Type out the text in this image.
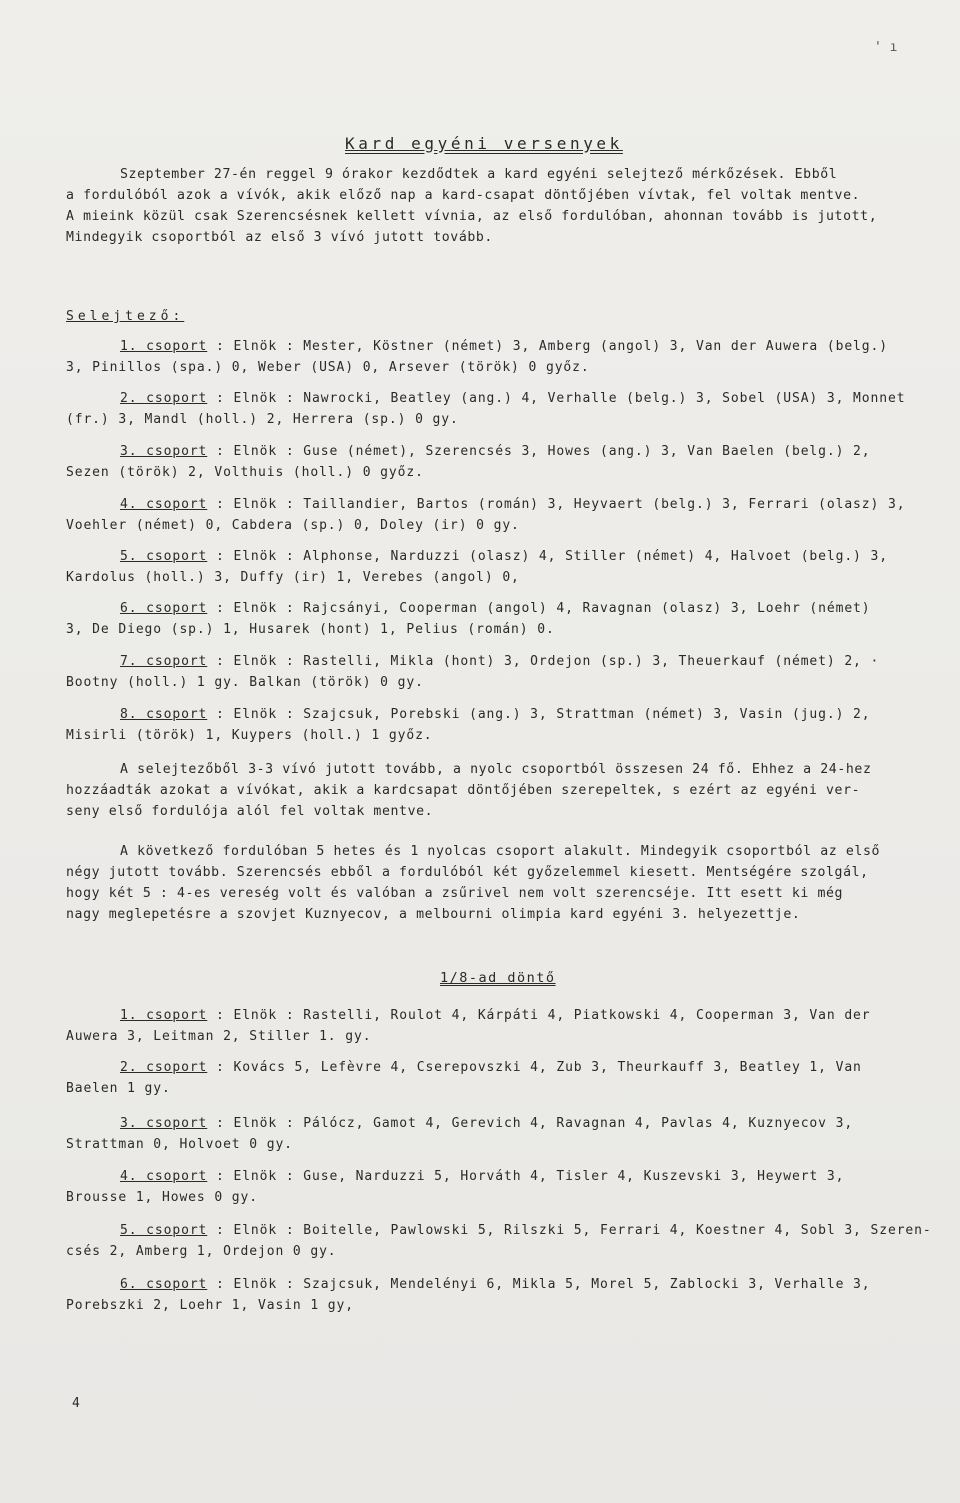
' ı
Kard egyéni versenyek
Szeptember 27-én reggel 9 órakor kezdődtek a kard egyéni selejtező mérkőzések. Ebből
a fordulóból azok a vívók, akik előző nap a kard-csapat döntőjében vívtak, fel voltak mentve.
A mieink közül csak Szerencsésnek kellett vívnia, az első fordulóban, ahonnan tovább is jutott,
Mindegyik csoportból az első 3 vívó jutott tovább.
Selejtező:
1. csoport : Elnök : Mester, Köstner (német) 3, Amberg (angol) 3, Van der Auwera (belg.)
3, Pinillos (spa.) 0, Weber (USA) 0, Arsever (török) 0 győz.
2. csoport : Elnök : Nawrocki, Beatley (ang.) 4, Verhalle (belg.) 3, Sobel (USA) 3, Monnet
(fr.) 3, Mandl (holl.) 2, Herrera (sp.) 0 gy.
3. csoport : Elnök : Guse (német), Szerencsés 3, Howes (ang.) 3, Van Baelen (belg.) 2,
Sezen (török) 2, Volthuis (holl.) 0 győz.
4. csoport : Elnök : Taillandier, Bartos (román) 3, Heyvaert (belg.) 3, Ferrari (olasz) 3,
Voehler (német) 0, Cabdera (sp.) 0, Doley (ir) 0 gy.
5. csoport : Elnök : Alphonse, Narduzzi (olasz) 4, Stiller (német) 4, Halvoet (belg.) 3,
Kardolus (holl.) 3, Duffy (ir) 1, Verebes (angol) 0,
6. csoport : Elnök : Rajcsányi, Cooperman (angol) 4, Ravagnan (olasz) 3, Loehr (német)
3, De Diego (sp.) 1, Husarek (hont) 1, Pelius (román) 0.
7. csoport : Elnök : Rastelli, Mikla (hont) 3, Ordejon (sp.) 3, Theuerkauf (német) 2, ·
Bootny (holl.) 1 gy. Balkan (török) 0 gy.
8. csoport : Elnök : Szajcsuk, Porebski (ang.) 3, Strattman (német) 3, Vasin (jug.) 2,
Misirli (török) 1, Kuypers (holl.) 1 győz.
A selejtezőből 3-3 vívó jutott tovább, a nyolc csoportból összesen 24 fő. Ehhez a 24-hez
hozzáadták azokat a vívókat, akik a kardcsapat döntőjében szerepeltek, s ezért az egyéni ver-
seny első fordulója alól fel voltak mentve.
A következő fordulóban 5 hetes és 1 nyolcas csoport alakult. Mindegyik csoportból az első
négy jutott tovább. Szerencsés ebből a fordulóból két győzelemmel kiesett. Mentségére szolgál,
hogy két 5 : 4-es vereség volt és valóban a zsűrivel nem volt szerencséje. Itt esett ki még
nagy meglepetésre a szovjet Kuznyecov, a melbourni olimpia kard egyéni 3. helyezettje.
1/8-ad döntő
1. csoport : Elnök : Rastelli, Roulot 4, Kárpáti 4, Piatkowski 4, Cooperman 3, Van der
Auwera 3, Leitman 2, Stiller 1. gy.
2. csoport : Kovács 5, Lefèvre 4, Cserepovszki 4, Zub 3, Theurkauff 3, Beatley 1, Van
Baelen 1 gy.
3. csoport : Elnök : Pálócz, Gamot 4, Gerevich 4, Ravagnan 4, Pavlas 4, Kuznyecov 3,
Strattman 0, Holvoet 0 gy.
4. csoport : Elnök : Guse, Narduzzi 5, Horváth 4, Tisler 4, Kuszevski 3, Heywert 3,
Brousse 1, Howes 0 gy.
5. csoport : Elnök : Boitelle, Pawlowski 5, Rilszki 5, Ferrari 4, Koestner 4, Sobl 3, Szeren-
csés 2, Amberg 1, Ordejon 0 gy.
6. csoport : Elnök : Szajcsuk, Mendelényi 6, Mikla 5, Morel 5, Zablocki 3, Verhalle 3,
Porebszki 2, Loehr 1, Vasin 1 gy,
4
